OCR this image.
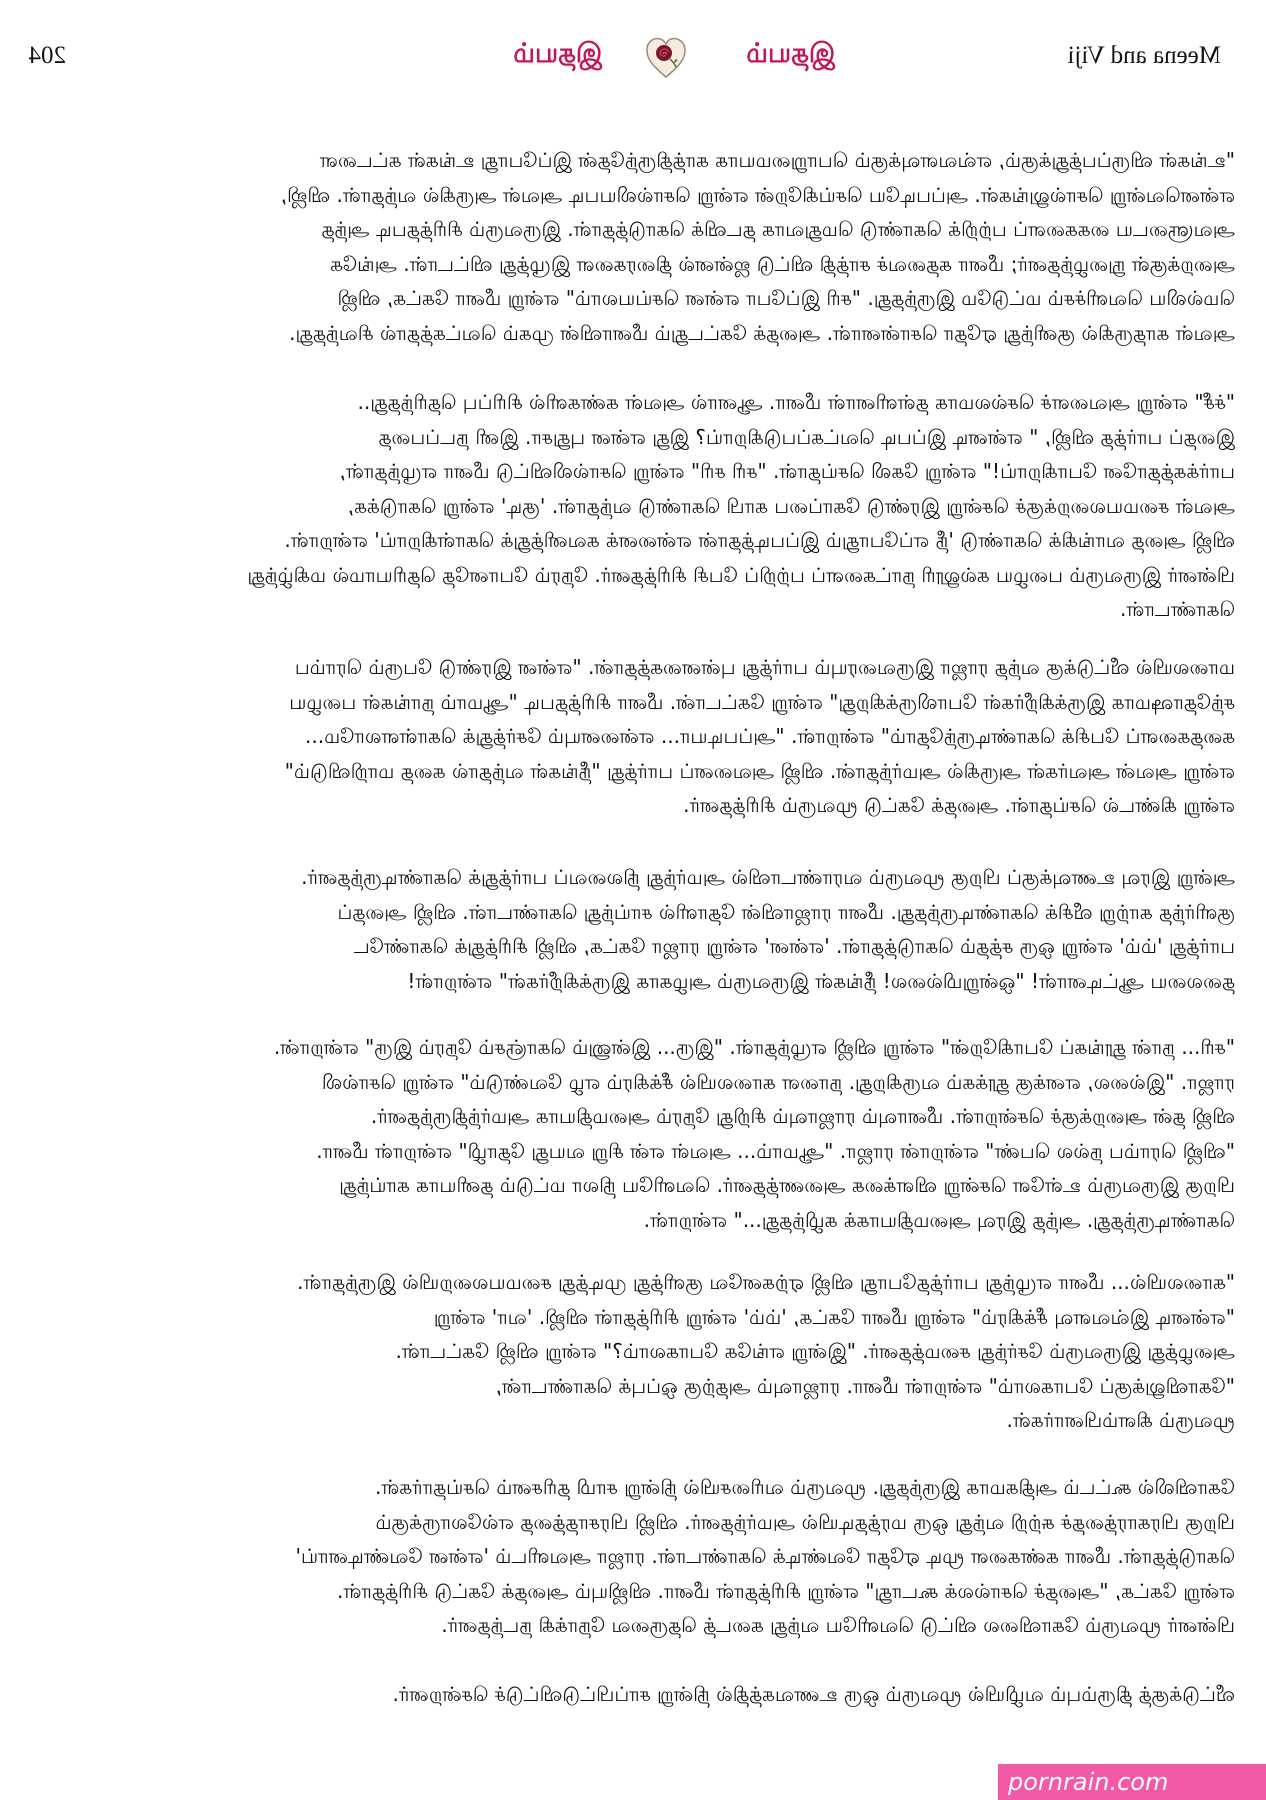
Meena and Viji
இதயம்
இதயம்
204
"உங்கள் விருப்பத்துக்கும், எவ்வளவுக்கும் பொறுமையாக காத்திருந்தேன் இப்போது உங்கள் கட்டளை
என்னவென்று சொல்லுங்கள். அப்படியே செய்கிறேன் என்று சொல்லியபடி அவள் அருகில் வந்தாள். விஜி,
அவளுடைய கைகளைப் பற்றிக் கொண்டு மெதுவாக தடவிக் கொடுத்தாள். இருவரும் சிரித்தபடி அந்த
அறைக்குள் நுழைந்தனர்; மீனா கதவைச் சாத்தி விட்டு ஜன்னல் திரைகளை இழுத்து விட்டாள். அங்கே
மெல்லிய வெளிச்சம் மட்டுமே இருந்தது. "சரி இப்போ என்ன செய்யலாம்" என்று மீனா கேட்க, விஜி
அவள் காதருகில் குனிந்து ஏதோ சொன்னாள். அதைக் கேட்டதும் மீனாவின் முகம் வெட்கத்தால் சிவந்தது.
"ச்சீ" என்று அவளைச் செல்லமாக தள்ளினாள் மீனா. ஆனால் அவள் கண்களில் சிரிப்பு தெரிந்தது..
இதைப் பார்த்த விஜி, " என்னடி இப்படி வெட்கப்படுகிறாய்? இது என்ன புதுசா. இனி நடப்பதை
பார்க்கத்தானே போகிறாய்!" என்று கேலி செய்தாள். "சரி சரி" என்று சொல்லிவிட்டு மீனா எழுந்தாள்,
அவள் சமையலறைக்குச் சென்று இரண்டு கோப்பை காபி கொண்டு வந்தாள். 'குடி' என்று கொடுக்க,
விஜி அதை வாங்கிக் கொண்டு 'நீ எப்போதும் இப்படித்தான் என்னைக் கவனித்துக் கொள்கிறாய்' என்றாள்.
பின்னர் இருவரும் பழைய கல்லூரி நாட்களைப் பற்றிப் பேசி சிரித்தனர். நேரம் போனதே தெரியாமல் மகிழ்ந்து
கொண்டாள்.
மாலையில் வீட்டுக்கு வந்த ராஜா இருவரையும் பார்த்து புன்னகைத்தான். "என்ன இரண்டு பேரும் ரொம்ப
சந்தோஷமாக இருக்கிறீர்கள் போலிருக்கிறது" என்று கேட்டான். மீனா சிரித்தபடி "ஆமாம் நாங்கள் பழைய
கதைகளைப் பேசிக் கொண்டிருந்தோம்" என்றாள். "அப்படியா... என்னையும் சேர்த்துக் கொள்ளலாமே...
என்று அவன் அவர்கள் அருகில் அமர்ந்தான். விஜி அவனைப் பார்த்து "நீங்கள் வந்தால் கதை மாறிவிடும்"
என்று கிண்டல் செய்தாள். அதைக் கேட்டு மூவரும் சிரித்தனர்.
அன்று இரவு உணவுக்குப் பிறகு மூவரும் வராண்டாவில் அமர்ந்து நிலவைப் பார்த்துக் கொண்டிருந்தனர்.
குளிர்ந்த காற்று வீசிக் கொண்டிருந்தது. மீனா ராஜாவின் தோளில் சாய்ந்து கொண்டாள். விஜி அதைப்
பார்த்து 'ம்ம்' என்று ஒரு சத்தம் கொடுத்தாள். 'என்ன' என்று ராஜா கேட்க, விஜி சிரித்துக் கொண்டே
தலையை ஆட்டினாள்! "ஒன்றுமில்லை! நீங்கள் இருவரும் அழகாக இருக்கிறீர்கள்" என்றாள்!
"சரி... நான் தூங்கப் போகிறேன்" என்று விஜி எழுந்தாள். "இரு... இன்னும் கொஞ்சம் நேரம் இரு" என்றான்.
ராஜா. "இல்லை, எனக்கு தூக்கம் வருகிறது. நாளை காலையில் சீக்கிரம் எழ வேண்டும்" என்று சொல்லி
விஜி தன் அறைக்குச் சென்றாள். மீனாவும் ராஜாவும் சிறிது நேரம் அமைதியாக அமர்ந்திருந்தனர்.
"விஜி ரொம்ப நல்ல பெண்" என்றான் ராஜா. "ஆமாம்... அவள் என் சிறு வயது தோழி" என்றாள் மீனா.
பிறகு இருவரும் உள்ளே சென்று விளக்கை அணைத்தனர். வெளியே நிலா மட்டும் தனியாக காய்ந்து
கொண்டிருந்தது. அந்த இரவு அமைதியாகக் கழிந்தது..." என்றாள்.
"காலையில்... மீனா எழுந்து பார்த்தபோது விஜி ஏற்கனவே குளித்து முடித்து சமையலறையில் இருந்தாள்.
"என்னடி இவ்வளவு சீக்கிரம்" என்று மீனா கேட்க, 'ம்ம்' என்று சிரித்தாள் விஜி. 'வா' என்று
அழைத்து இருவரும் சேர்ந்து சமைத்தனர். "இன்று எங்கே போகலாம்?" என்று விஜி கேட்டாள்.
"கோவிலுக்குப் போகலாம்" என்றாள் மீனா. ராஜாவும் அதற்கு ஒப்புக் கொண்டான்,
மூவரும் கிளம்பினார்கள்.
கோவிலில் கூட்டம் அதிகமாக இருந்தது. மூவரும் வரிசையில் நின்று சாமி தரிசனம் செய்தார்கள்.
பிறகு பிரகாரத்தைச் சுற்றி வந்து ஒரு மரத்தடியில் அமர்ந்தனர். விஜி பிரசாதத்தை எல்லோருக்கும்
கொடுத்தாள். மீனா கண்களை மூடி ஏதோ வேண்டிக் கொண்டாள். ராஜா அவளிடம் 'என்ன வேண்டினாய்'
என்று கேட்க, "அதைச் சொல்லக் கூடாது" என்று சிரித்தாள் மீனா. விஜியும் அதைக் கேட்டு சிரித்தாள்.
பின்னர் மூவரும் கோவிலை விட்டு வெளியே வந்து கடைத் தெருவை நோக்கி நடந்தனர்.
வீட்டுக்குத் திரும்பும் வழியில் மூவரும் ஒரு உணவகத்தில் நின்று சாப்பிட்டுவிட்டுச் சென்றனர்.
pornrain.com
